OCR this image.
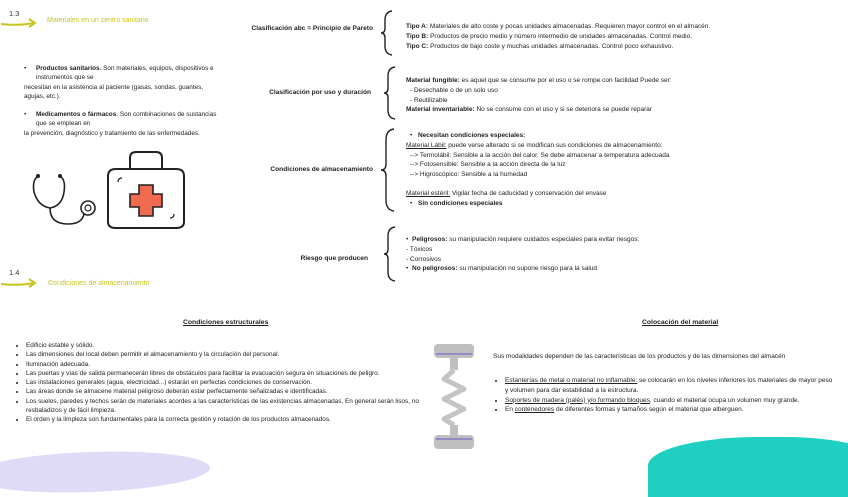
1.3
Materiales en un centro sanitario
•	Productos sanitarios. Son materiales, equipos, dispositivos e
instrumentos que se
necesitan en la asistencia al paciente (gasas, sondas, guantes,
agujas, etc.).
•	Medicamentos o fármacos. Son combinaciones de sustancias
que se emplean en
la prevención, diagnóstico y tratamiento de las enfermedades.
1.4
Condiciones de almacenamiento
Clasificación abc = Principio de Pareto	Tipo A: Materiales de alto coste y pocas unidades almacenadas. Requieren mayor control en el almacén.
Tipo B: Productos de precio medio y número intermedio de unidades almacenadas. Control medio.
Tipo C: Productos de bajo coste y muchas unidades almacenadas. Control poco exhaustivo.
Clasificación por uso y duración
Material fungible: es aquel que se consume por el uso o se rompe con facilidad Puede ser:
- Desechable o de un solo uso
- Reutilizable
Material inventariable: No se consume con el uso y si se deteriora se puede reparar
Condiciones de almacenamiento
• Necesitan condiciones especiales:
Material Lábil: puede verse alterado si se modifican sus condiciones de almacenamiento:
--> Termolábil: Sensible a la acción del calor. Se debe almacenar a temperatura adecuada
--> Fotosensible: Sensible a la acción directa de la luz
--> Higroscópico: Sensible a la humedad
Material estéril: Vigilar fecha de caducidad y conservación del envase
• Sin condiciones especiales
Riesgo que producen
• Peligrosos: su manipulación requiere cuidados especiales para evitar riesgos:
- Tóxicos
- Corrosivos
• No peligrosos: su manipulación no supone riesgo para la salud
Condiciones estructurales
• Edificio estable y sólido.
• Las dimensiones del local deben permitir el almacenamiento y la circulación del personal.
• Iluminación adecuada.
• Las puertas y vías de salida permanecerán libres de obstáculos para facilitar la evacuación segura en situaciones de peligro.
• Las instalaciones generales (agua, electricidad...) estarán en perfectas condiciones de conservación.
• Las áreas donde se almacene material peligroso deberán estar perfectamente señalizadas e identificadas.
• Los suelos, paredes y techos serán de materiales acordes a las características de las existencias almacenadas. En general serán lisos, no resbaladizos y de fácil limpieza.
• El orden y la limpieza son fundamentales para la correcta gestión y rotación de los productos almacenados.
Colocación del material
Sus modalidades dependen de las características de los productos y de las dimensiones del almacén
• Estanterías de metal o material no inflamable: se colocarán en los niveles inferiores los materiales de mayor peso y volumen para dar estabilidad a la estructura.
• Soportes de madera (palés) y/o formando bloques, cuando el material ocupa un volumen muy grande.
• En contenedores de diferentes formas y tamaños según el material que alberguen.
